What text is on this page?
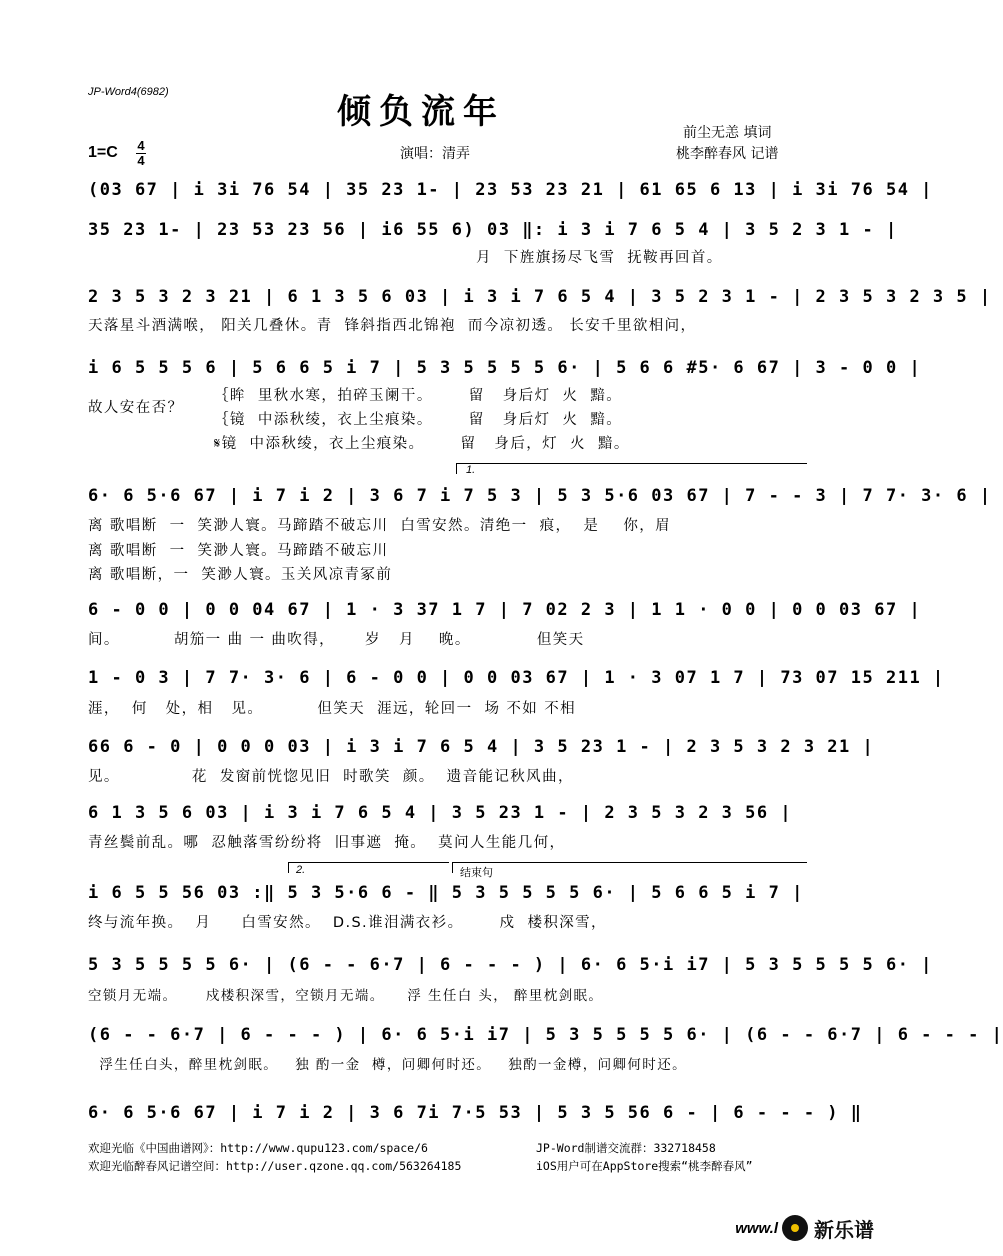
JP-Word4(6982)	倾负流年
1=C 4
4	演唱：清弄
前尘无恙 填词
桃李醉春风 记谱
(03 67 | i 3i 76 54 | 35 23 1- | 23 53 23 21 | 61 65 6 13 | i 3i 76 54 |
35 23 1- | 23 53 23 56 | i6 55 6) 03 ‖: i 3 i 7 6 5 4 | 3 5 2 3 1 - |
月  下旌旗扬尽飞雪  抚鞍再回首。
2 3 5 3 2 3 21 | 6 1 3 5 6 03 | i 3 i 7 6 5 4 | 3 5 2 3 1 - | 2 3 5 3 2 3 5 |
天落星斗酒满喉， 阳关几叠休。青  锋斜指西北锦袍  而今凉初透。 长安千里欲相问，
i 6 5 5 5 6 | 5 6 6 5 i 7 | 5 3 5 5 5 5 6· | 5 6 6 #5· 6 67 | 3 - 0 0 |
故人安在否？
｛眸  里秋水寒，拍碎玉阑干。      留   身后灯  火  黯。
｛镜  中添秋绫，衣上尘痕染。      留   身后灯  火  黯。
𝄋镜  中添秋绫，衣上尘痕染。      留   身后，灯  火  黯。
1.
6· 6 5·6 67 | i 7 i 2 | 3 6 7 i 7 5 3 | 5 3 5·6 03 67 | 7 - - 3 | 7 7· 3· 6 |
离 歌唱断  一  笑渺人寰。马蹄踏不破忘川  白雪安然。清绝一  痕，  是    你，眉
离 歌唱断  一  笑渺人寰。马蹄踏不破忘川
离 歌唱断，一  笑渺人寰。玉关风凉青冢前
6 - 0 0 | 0 0 04 67 | 1 · 3 37 1 7 | 7 02 2 3 | 1 1 · 0 0 | 0 0 03 67 |
间。         胡笳一 曲 一 曲吹得，     岁   月    晚。           但笑天
1 - 0 3 | 7 7· 3· 6 | 6 - 0 0 | 0 0 03 67 | 1 · 3 07 1 7 | 73 07 15 211 |
涯，  何   处，相   见。         但笑天  涯远，轮回一  场 不如 不相
66 6 - 0 | 0 0 0 03 | i 3 i 7 6 5 4 | 3 5 23 1 - | 2 3 5 3 2 3 21 |
见。            花  发窗前恍惚见旧  时歌笑  颜。  遗音能记秋风曲，
6 1 3 5 6 03 | i 3 i 7 6 5 4 | 3 5 23 1 - | 2 3 5 3 2 3 56 |
青丝鬓前乱。哪  忍触落雪纷纷将  旧事遮  掩。  莫问人生能几何，
2.	结束句
i 6 5 5 56 03 :‖ 5 3 5·6 6 - ‖ 5 3 5 5 5 5 6· | 5 6 6 5 i 7 |
终与流年换。  月     白雪安然。  D.S.谁泪满衣衫。      戍  楼积深雪，
5 3 5 5 5 5 6· | (6 - - 6·7 | 6 - - - ) | 6· 6 5·i i7 | 5 3 5 5 5 5 6· |
空锁月无端。     戍楼积深雪，空锁月无端。    浮 生任白 头， 醉里枕剑眠。
(6 - - 6·7 | 6 - - - ) | 6· 6 5·i i7 | 5 3 5 5 5 5 6· | (6 - - 6·7 | 6 - - - |
浮生任白头，醉里枕剑眠。   独 酌一金  樽，问卿何时还。   独酌一金樽，问卿何时还。
6· 6 5·6 67 | i 7 i 2 | 3 6 7i 7·5 53 | 5 3 5 56 6 - | 6 - - - ) ‖
欢迎光临《中国曲谱网》：http://www.qupu123.com/space/6	JP-Word制谱交流群：332718458
欢迎光临醉春风记谱空间：http://user.qzone.qq.com/563264185	iOS用户可在AppStore搜索“桃李醉春风”
www.l 新乐谱
